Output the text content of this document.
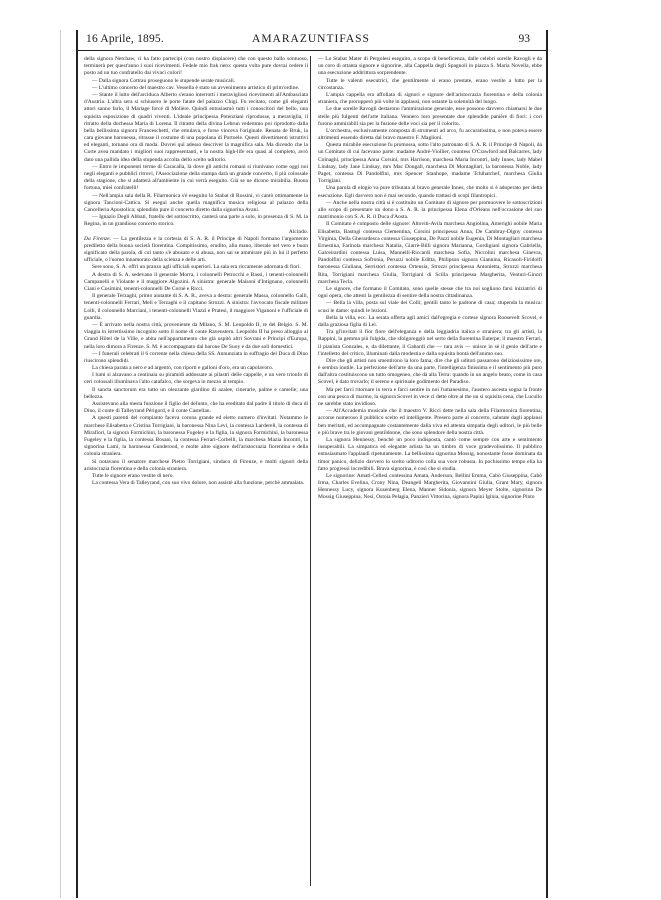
16 Aprile, 1895.	AMARAZUNTIFASS	93

della signora Netchaw, ci ha fatto partecipi (con nostro dispiacere) che con questo ballo sontuoso, terminerà per quest'anno i suoi ricevimenti. Fedele mio frak nero: questa volta pure dovrai cedere il posto ad un tuo confratello dai vivaci colori!

— Dalla signora Cottrau proseguono le stupende serate musicali.

— L'ultimo concerto del maestro cav. Vessella è stato un avvenimento artistico di prim'ordine.

— Stante il lutto dell'arciduca Alberto s'erano interrotti i meravigliosi ricevimenti all'Ambasciata d'Austria. L'altra sera si schiusero le porte fatate del palazzo Chigi. Fu recitato, come gli eleganti attori sanno farlo, il Mariage forcé di Molière. Quindi entusiasmò tutti i conoscitori del bello, una squisita esposizione di quadri viventi. L'ideale principessa Potenziani riprodusse, a meraviglia, il ritratto della duchessa Maria di Lorena. Il ritratto della divina Lebrun vedemmo poi riprodotto dalla bella bellissima signora Franceschetti, che emulava, e forse vinceva l'originale. Renata de Bruk, la cara giovane baronessa, ritrasse il costume di una popolana di Portoele. Questi divertimenti istruttivi ed eleganti, tornano ora di moda. Dovrei qui adesso descriver la magnifica sala. Ma dicendo che la Corte avea mandato i migliori suoi rappresentanti, e la nostra high-life era quasi al completo, avrò dato una pallida idea della stupenda accolta dello scelto uditorio.

— Entro le imponenti terme di Caracalla, là dove gli antichi romani si riunivano come oggi noi negli eleganti e pubblici ritrovi, l'Associazione della stampa darà un grande concerto, il più colossale della stagione, che si adatterà all'ambiente in cui verrà eseguito. Già se ne dicono mirabilia. Buona fortuna, miei confratelli!

— Nell'ampia sala della R. Filarmonica s'è eseguito lo Stabat di Rossini, vi cantò ottimamente la signora Tancioni-Cattica. Si eseguì anche quella magnifica musica religiosa al palazzo della Cancelleria Apostolica; splendido pure il concerto diretto dalla signorina Avani.

— Ignazio Degli Abbati, fratello del sottoscritto, canterà una parte a solo, in presenza di S. M. la Regina, in un grandioso concerto storico.

Alcindo.

Da Firenze. — La gentilezza e la cortesia di S. A. R. il Principe di Napoli formano l'argomento prediletto della buona società fiorentina. Compitissimo, erudito, alla mano, liberale nel vero e buon significato della parola, di cui tanto s'è abusato e si abusa, non sai se ammirare più in lui il perfetto ufficiale, o l'uomo innamorato della scienza e delle arti.

Sere sono, S. A. offrì un pranzo agli ufficiali superiori. La sala era riccamente adornata di fiori.

A destra di S. A. sedevano il generale Morra, i colonnelli Petrocchi e Bassi, i tenenti-colonnelli Campanelli e Violante e il maggiore Algozini. A sinistra: generale Maisonì d'Intignano, colonnelli Ciani e Cosimini, tenenti-colonnelli De Cornè e Ricci.

Il generale Terzaghi, primo aiutante di S. A. R., aveva a destra: generale Massa, colonnello Galli, tenenti-colonnelli Ferrari, Meli e Terzaghi e il capitano Strozzi. A sinistra: l'avvocato fiscale militare Lolli, il colonnello Marciani, i tenenti-colonnelli Viazzi e Pratesi, il maggiore Viganoni e l'ufficiale di guardia.

— È arrivato nella nostra città, proveniente da Milano, S. M. Leopoldo II, re del Belgio. S. M. viaggia in istrettissimo incognito sotto il nome di conte Ravenstern. Leopoldo II ha preso alloggio al Grand Hôtel de la Ville, e abita nell'appartamento che già ospitò altri Sovrani e Principi d'Europa, nella loro dimora a Firenze. S. M. è accompagnato dal barone De Suoy e da due soli domestici.

— I funerali celebrati il 6 corrente nella chiesa della SS. Annunziata in suffragio del Duca di Dino riuscirono splendidi.

La chiesa parata a nero e ad argento, con riporti e galloni d'oro, era un capolavoro.

I lumi si alzavano a centinaia su piramidi addossate ai pilastri delle cappelle, e un vero trionfo di ceri colossali illuminava l'alto catafalco, che sorgeva in mezzo al tempio.

Il sancta sanctorum era tutto un olezzante giardino di azalee, cinerarie, palme e camelie; una bellezza.

Assistevano alla mesta funzione il figlio del defunto, che ha ereditato dal padre il titolo di duca di Dino, il conte di Talleyrand Périgord, e il conte Castellan.

A questi parenti del compianto faceva corona grande ed eletto numero d'invitati. Notammo le marchese Elisabetta e Cristina Torrigiani, la baronessa Nina Levi, la contessa Larderell, la contessa di Mirafiori, la signora Formichini, la baronessa Fugeley e la figlia, la signora Formichini, la baronessa Fugeley e la figlia, la contessa Bosani, la contessa Ferrari-Corbelli, la marchesa Mazia Incontri, la signorina Lami, la baronessa Gunderood, e molte altre signore dell'aristocrazia fiorentina e della colonia straniera.

Si notavano il senatore marchese Pietro Torrigiani, sindaco di Firenze, e molti signori della aristocrazia fiorentina e della colonia straniera.

Tutte le signore erano vestite di nero.

La contessa Vera di Talleyrand, con suo vivo dolore, non assistè alla funzione, perchè ammalata.

— Lo Stabat Mater di Pergolesi eseguito, a scopo di beneficenza, dalle celebri sorelle Ravogli e da un coro di ottanta signore e signorine, alla Cappella degli Spagnoli in piazza S. Maria Novella, ebbe una esecuzione addirittura sorprendente.

Tutte le valenti esecutrici, che gentilmente si erano prestate, erano vestite a lutto per la circostanza.

L'ampia cappella era affollata di signori e signore dell'aristocrazia fiorentina e della colonia straniera, che prorupperò più volte in applausi, non ostante la solennità del luogo.

Le due sorelle Ravogli destarono l'ammirazione generale, esse possono davvero chiamarsi le due stelle più fulgenti dell'arte italiana. Vennero loro presentate due splendide panière di fiori: i cori furono ammirabili sia per la fusione delle voci sia per il colorito.

L'orchestra, esclusivamente composta di strumenti ad arco, fu accuratissima, e non poteva essere altrimenti essendo diretta dal bravo maestro F. Maglioni.

Questa mirabile esecuzione fu promossa, sotto l'alto patronato di S. A. R. il Principe di Napoli, da un Comitato di cui facevano parte: madame André-Viollier, countess O'Crawford and Balcarres, lady Colnaghi, principessa Anna Corsini, mrs Harrison, marchesa Maria Incontri, lady Innes, lady Mabel Lindsay, lady Jane Lindsay, mrs Mac Dougall, marchesa Di Montagliari, la baronessa Noble, lady Paget, contessa Di Pandolfini, mrs Spencer Stanhope, madame Tchihatchef, marchesa Giulia Torrigiani.

Una parola di elogio va pure tributata al bravo generale Innes, che molto si è adoperato per detta esecuzione. Egli davvero non è mai secondo, quando trattasi di scopi filantropici.

— Anche nella nostra città si è costituito un Comitato di signore per promuovere le sottoscrizioni allo scopo di presentare un dono a S. A. R. la principessa Elena d'Orléans nell'occasione del suo matrimonio con S. A. R. il Duca d'Aosta.

Il Comitato è composto delle signore: Altoviti-Avila marchesa Angiolina, Amerighi nobile Maria Elisabetta, Bastogi contessa Clementina, Corsini principessa Anna, De Cambray-Digny contessa Virginia, Della Gherardesca contessa Giuseppina, De Pazzi nobile Eugenia, Di Montagliari marchesa Ernestina, Farinola marchesa Natalia, Giarrè-Billi signora Marianna, Gordigiani signora Gabriella, Galceirardini contessa Luisa, Mannelli-Riccardi marchesa Sofia, Niccolini marchesa Ginevra, Pandolfini contessa Sofronia, Peruzzi nobile Editta, Philipson signora Giannina, Ricasoli-Firidolfi baronessa Giuliana, Serristori contessa Ortensia, Strozzi principessa Antonietta, Strozzi marchesa Rita, Torrigiani marchesa Giulia, Torrigiani di Scilla principessa Margherita, Venturi-Ginori marchesa Tecla.

Le signore, che formano il Comitato, sono quelle stesse che tra noi sogliono farsi iniziatrici di ogni opera, che attesti la gentilezza di sentire della nostra cittadinanza.

— Bella la villa, posta sul viale dei Colli; gentili tanto le padrone di casa; stupenda la musica: scusi le dame: quindi le lezioni.

Bella la villa, ecc. La serata offerta agli amici dall'egregia e cortese signora Roosevelt Scovel, e dalla graziosa figlia di Lei.

Tra gl'invitati il fior fiore dell'eleganza e della leggiadria italica e straniera; tra gli artisti, la Rappini, la gemma più fulgida, che sfolgoreggiò nel serto della fiorentina Euterpe; il maestro Ferrari, il pianista Gonzales, e, da dilettante, il Gabardi che — rara avis — unisce in sè il genio dell'arte e l'intelletto del critico, illuminati dalla modestia e dalla squisita bontà dell'animo suo.

Dire che gli artisti non smentirono la loro fama; dire che gli uditori passarono deliziosissime ore, è sembra inutile. La perfezione dell'arte da una parte, l'intelligenza finissima e il sentimento più puro dall'altra costituiscono un tutto omogeneo, che dà alla Terra: quando in un angelo beato, come in casa Scovel, è dato trovarlo; il sereno e spirituale godimento del Paradiso.

Ma per farci ritornare in terra e farci sentire in noi l'umanesimo, l'austero ascesta sogna la fronte con una pesca di marmo, la signora Scovel in vece ci dette oltre al the un si squisita cena, che Lucullo ne sarebbe stato invidioso.

— All'Accademia musicale che il maestro V. Ricci dette nella sala della Filarmonica fiorentina, accorse numeroso il pubblico scelto ed intelligente. Presero parte al concerto, salutate dagli applausi ben meritati, ed accompagnate costantemente dalla viva ed attenta simpatia degli uditori, le più belle e più brave tra le giovani gentildonne, che sono splendore della nostra città.

La signora Hennessy, benchè un poco indisposta, cantò come sempre con arte e sentimento insuperabili. La simpatica ed elegante artista ha un timbro di voce gradevolissimo. Il pubblico entusiasmato l'applaudì ripetutamente. La bellissima signorina Mossig, nonostante fosse dominata da timor panico, delizio davvero lo scelto uditorio colla sua voce robusta. In pochissimo tempo ella ha fatto progressi incredibili. Brava signorina, è così che si studia.

Le signorine: Amati-Cellesi contessina Amata, Anderson, Bellini Emma, Cabò Giuseppina, Cabò Irma, Charles Evelina, Crony Nina, Deangeli Margherita, Giovannini Giulia, Grant Mary, signora Hennessy Lucy, signora Kusenberg Elena, Manner Sidonia, signora Meyer Stolte, signorina De Mossig Giuseppina, Nesi, Ostoia Pelagia, Panzieri Vittorina, signora Papini Iginia, signorine Pinto
